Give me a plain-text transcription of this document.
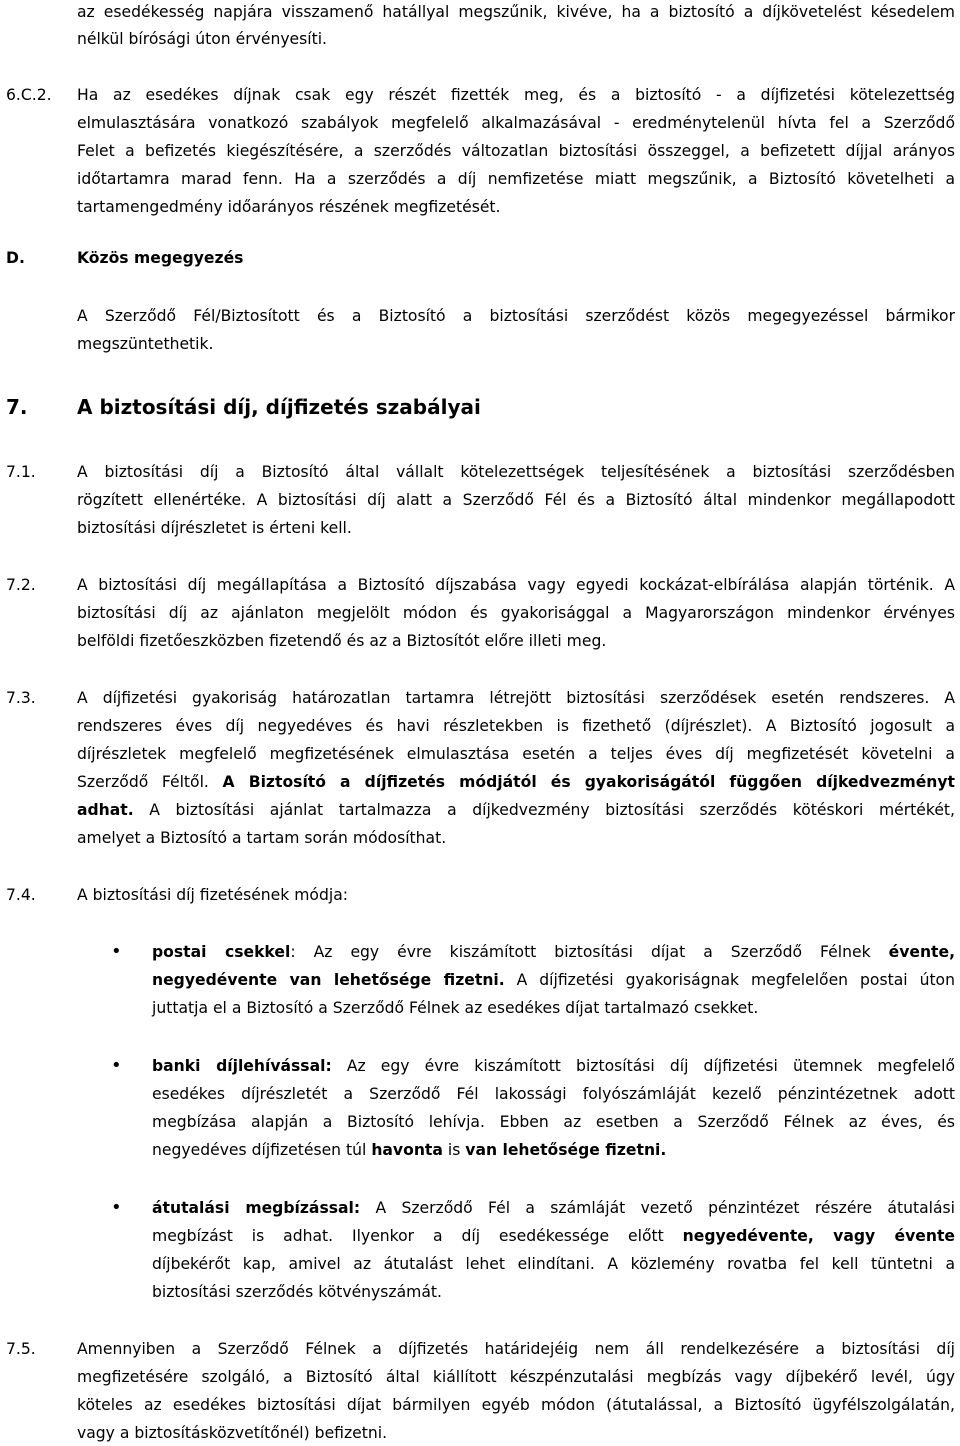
az esedékesség napjára visszamenő hatállyal megszűnik, kivéve, ha a biztosító a díjkövetelést késedelem
nélkül bírósági úton érvényesíti.
6.C.2. Ha az esedékes díjnak csak egy részét fizették meg, és a biztosító - a díjfizetési kötelezettség
elmulasztására vonatkozó szabályok megfelelő alkalmazásával - eredménytelenül hívta fel a Szerződő
Felet a befizetés kiegészítésére, a szerződés változatlan biztosítási összeggel, a befizetett díjjal arányos
időtartamra marad fenn. Ha a szerződés a díj nemfizetése miatt megszűnik, a Biztosító követelheti a
tartamengedmény időarányos részének megfizetését.
D.	Közös megegyezés
A Szerződő Fél/Biztosított és a Biztosító a biztosítási szerződést közös megegyezéssel bármikor
megszüntethetik.
7. A biztosítási díj, díjfizetés szabályai
7.1.	A biztosítási díj a Biztosító által vállalt kötelezettségek teljesítésének a biztosítási szerződésben
rögzített ellenértéke. A biztosítási díj alatt a Szerződő Fél és a Biztosító által mindenkor megállapodott
biztosítási díjrészletet is érteni kell.
7.2.	A biztosítási díj megállapítása a Biztosító díjszabása vagy egyedi kockázat-elbírálása alapján történik. A
biztosítási díj az ajánlaton megjelölt módon és gyakorisággal a Magyarországon mindenkor érvényes
belföldi fizetőeszközben fizetendő és az a Biztosítót előre illeti meg.
7.3.	A díjfizetési gyakoriság határozatlan tartamra létrejött biztosítási szerződések esetén rendszeres. A
rendszeres éves díj negyedéves és havi részletekben is fizethető (díjrészlet). A Biztosító jogosult a
díjrészletek megfelelő megfizetésének elmulasztása esetén a teljes éves díj megfizetését követelni a
Szerződő Féltől. A Biztosító a díjfizetés módjától és gyakoriságától függően díjkedvezményt
adhat. A biztosítási ajánlat tartalmazza a díjkedvezmény biztosítási szerződés kötéskori mértékét,
amelyet a Biztosító a tartam során módosíthat.
7.4.	A biztosítási díj fizetésének módja:
• postai csekkel: Az egy évre kiszámított biztosítási díjat a Szerződő Félnek évente,
negyedévente van lehetősége fizetni. A díjfizetési gyakoriságnak megfelelően postai úton
juttatja el a Biztosító a Szerződő Félnek az esedékes díjat tartalmazó csekket.
• banki díjlehívással: Az egy évre kiszámított biztosítási díj díjfizetési ütemnek megfelelő
esedékes díjrészletét a Szerződő Fél lakossági folyószámláját kezelő pénzintézetnek adott
megbízása alapján a Biztosító lehívja. Ebben az esetben a Szerződő Félnek az éves, és
negyedéves díjfizetésen túl havonta is van lehetősége fizetni.
• átutalási megbízással: A Szerződő Fél a számláját vezető pénzintézet részére átutalási
megbízást is adhat. Ilyenkor a díj esedékessége előtt negyedévente, vagy évente
díjbekérőt kap, amivel az átutalást lehet elindítani. A közlemény rovatba fel kell tüntetni a
biztosítási szerződés kötvényszámát.
7.5.	Amennyiben a Szerződő Félnek a díjfizetés határidejéig nem áll rendelkezésére a biztosítási díj
megfizetésére szolgáló, a Biztosító által kiállított készpénzutalási megbízás vagy díjbekérő levél, úgy
köteles az esedékes biztosítási díjat bármilyen egyéb módon (átutalással, a Biztosító ügyfélszolgálatán,
vagy a biztosításközvetítőnél) befizetni.
